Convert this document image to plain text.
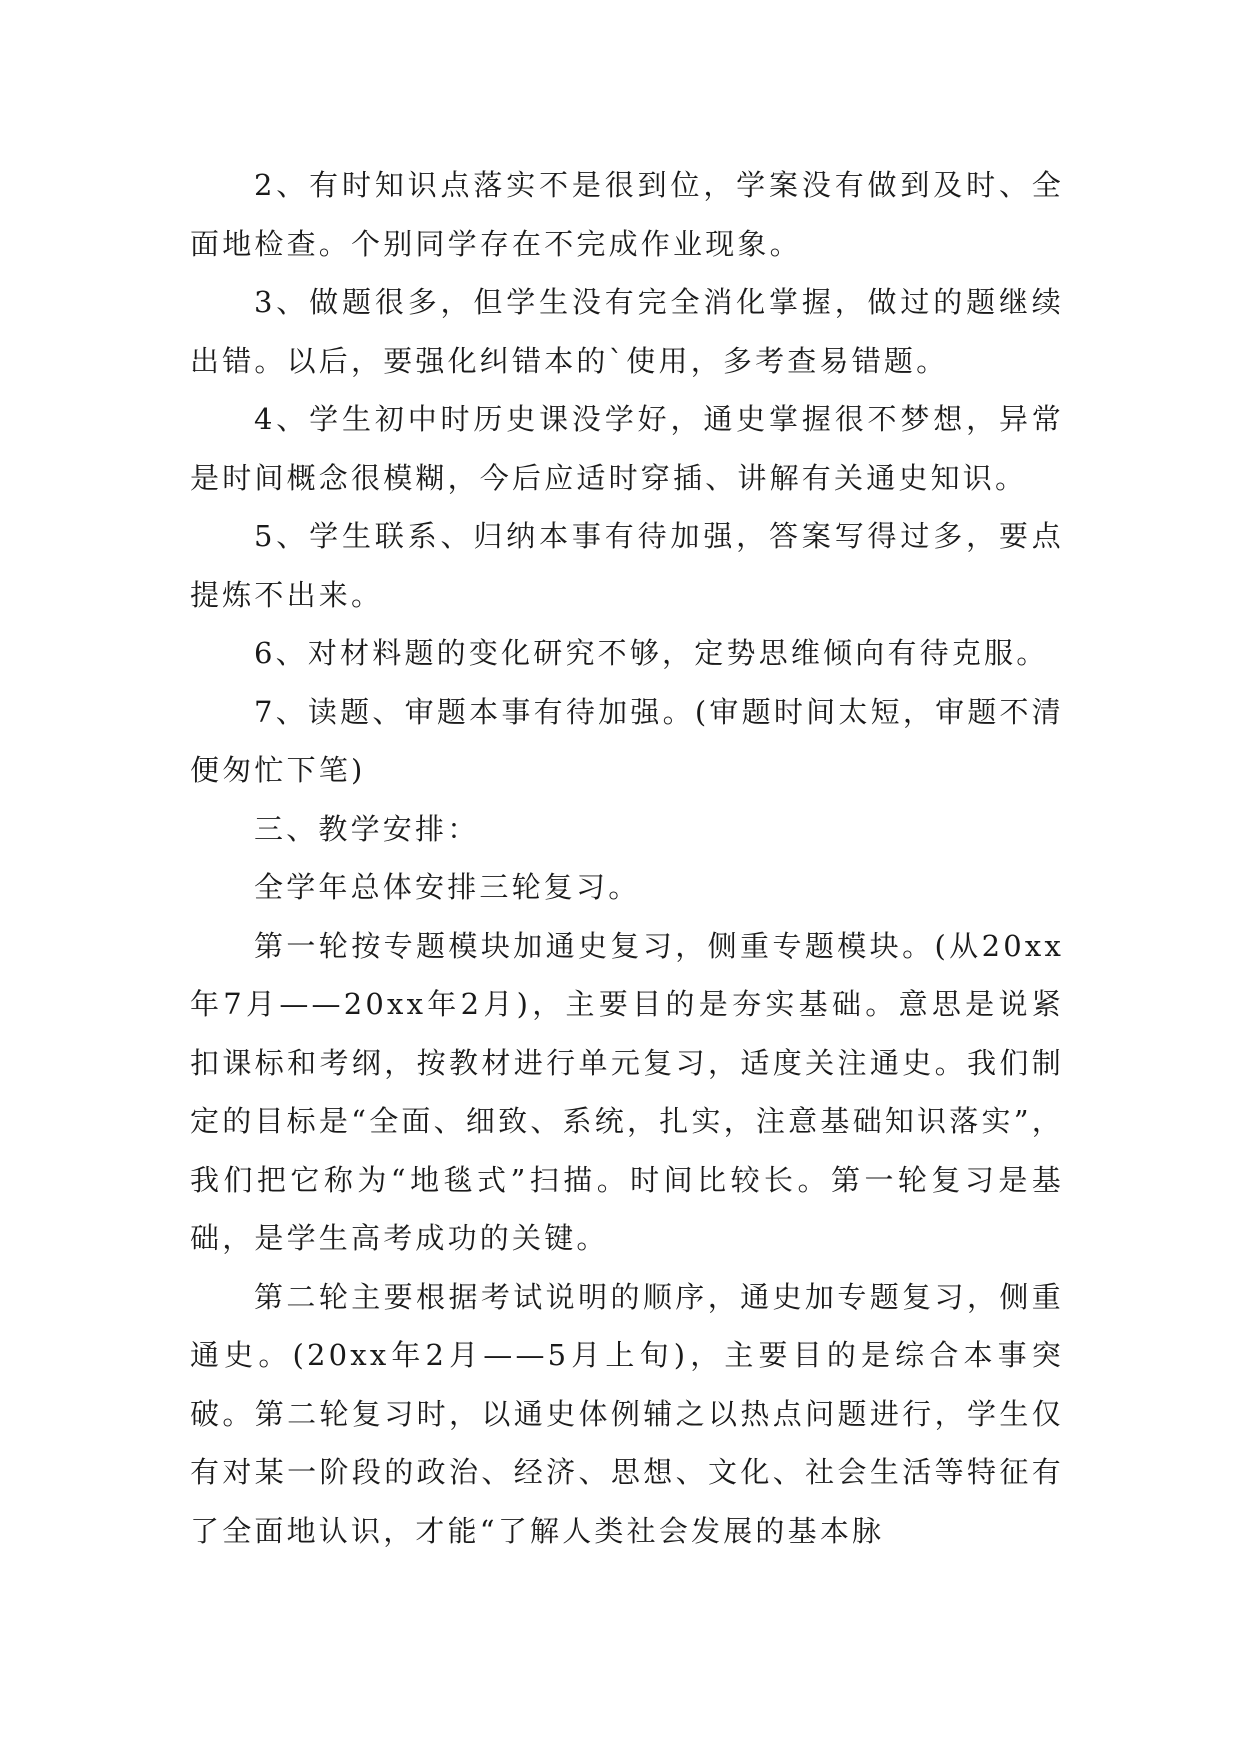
2、有时知识点落实不是很到位，学案没有做到及时、全面地检查。个别同学存在不完成作业现象。

3、做题很多，但学生没有完全消化掌握，做过的题继续出错。以后，要强化纠错本的`使用，多考查易错题。

4、学生初中时历史课没学好，通史掌握很不梦想，异常是时间概念很模糊，今后应适时穿插、讲解有关通史知识。

5、学生联系、归纳本事有待加强，答案写得过多，要点提炼不出来。

6、对材料题的变化研究不够，定势思维倾向有待克服。

7、读题、审题本事有待加强。(审题时间太短，审题不清便匆忙下笔)

三、教学安排：

全学年总体安排三轮复习。

第一轮按专题模块加通史复习，侧重专题模块。(从20xx年7月——20xx年2月)，主要目的是夯实基础。意思是说紧扣课标和考纲，按教材进行单元复习，适度关注通史。我们制定的目标是“全面、细致、系统，扎实，注意基础知识落实”，我们把它称为“地毯式”扫描。时间比较长。第一轮复习是基础，是学生高考成功的关键。

第二轮主要根据考试说明的顺序，通史加专题复习，侧重通史。(20xx年2月——5月上旬)，主要目的是综合本事突破。第二轮复习时，以通史体例辅之以热点问题进行，学生仅有对某一阶段的政治、经济、思想、文化、社会生活等特征有了全面地认识，才能“了解人类社会发展的基本脉
